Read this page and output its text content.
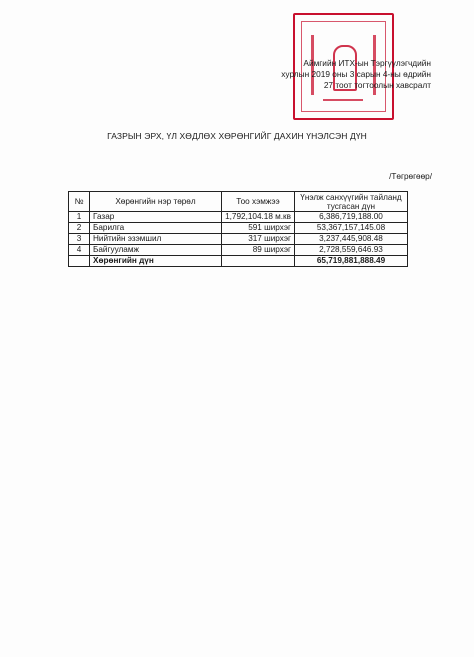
Аймгийн ИТХ-ын Тэргүүлэгчдийн
хурлын 2019 оны 3 сарын 4-ны өдрийн
27 тоот тогтоолын хавсралт
ГАЗРЫН ЭРХ, ҮЛ ХӨДЛӨХ ХӨРӨНГИЙГ ДАХИН ҮНЭЛСЭН ДҮН
/Төгрөгөөр/
№	Хөрөнгийн нэр төрөл	Тоо хэмжээ	Үнэлж санхүүгийн тайланд тусгасан дүн
1	Газар	1,792,104.18 м.кв	6,386,719,188.00
2	Барилга	591 ширхэг	53,367,157,145.08
3	Нийтийн эзэмшил	317 ширхэг	3,237,445,908.48
4	Байгууламж	89 ширхэг	2,728,559,646.93
	Хөрөнгийн дүн		65,719,881,888.49
